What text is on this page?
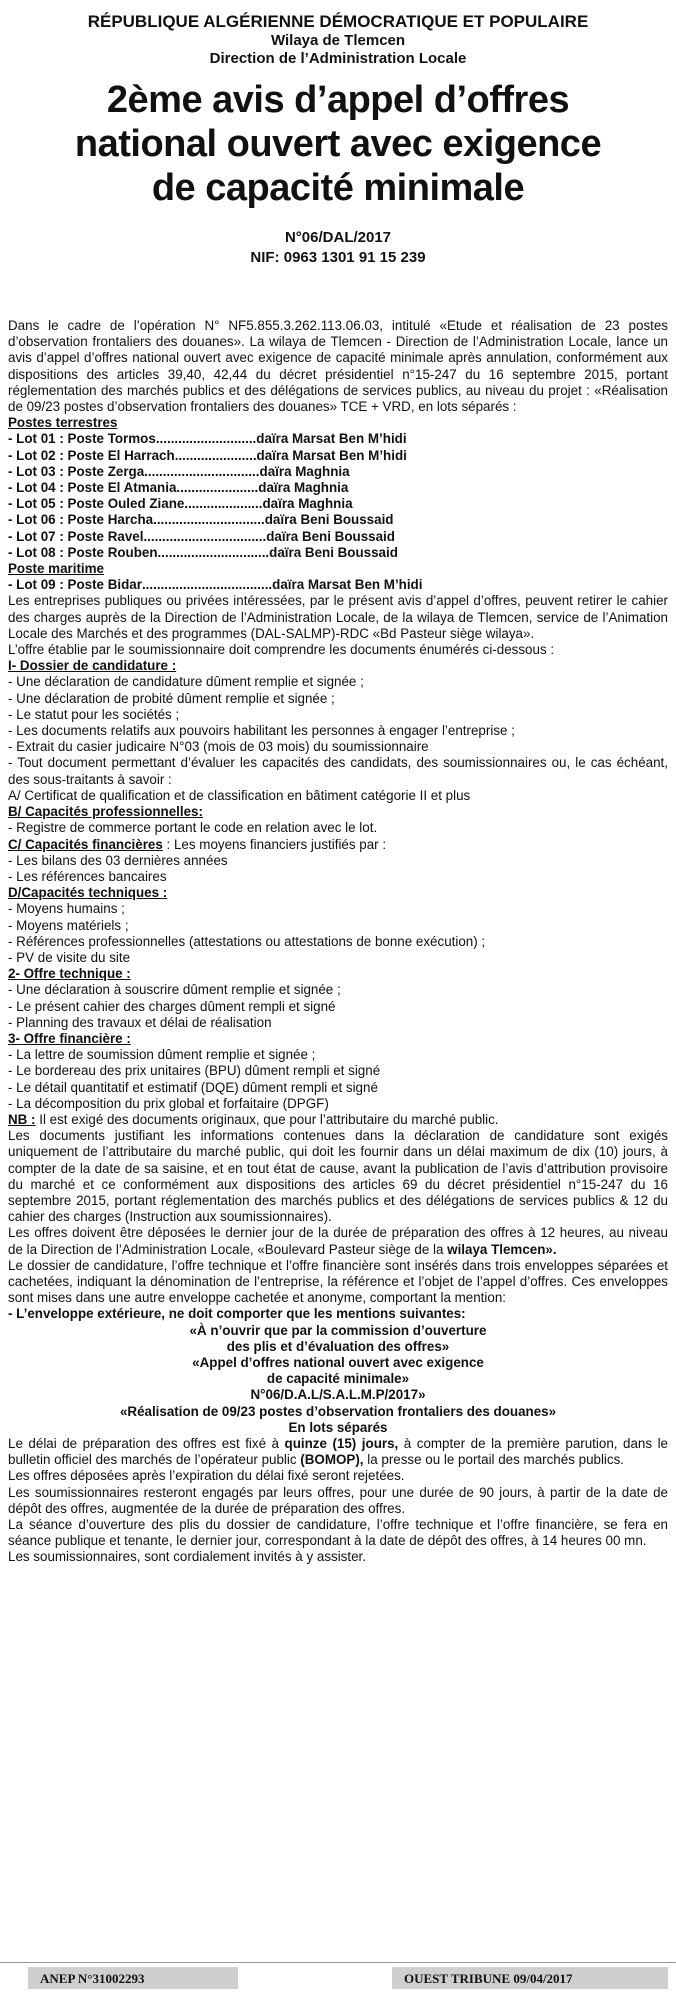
RÉPUBLIQUE ALGÉRIENNE DÉMOCRATIQUE ET POPULAIRE
Wilaya de Tlemcen
Direction de l’Administration Locale
2ème avis d’appel d’offres
national ouvert avec exigence
de capacité minimale
N°06/DAL/2017
NIF: 0963 1301 91 15 239
Dans le cadre de l’opération N° NF5.855.3.262.113.06.03, intitulé «Etude et réalisation de 23 postes d’observation frontaliers des douanes». La wilaya de Tlemcen - Direction de l’Administration Locale, lance un avis d’appel d’offres national ouvert avec exigence de capacité minimale après annulation, conformément aux dispositions des articles 39,40, 42,44 du décret présidentiel n°15-247 du 16 septembre 2015, portant réglementation des marchés publics et des délégations de services publics, au niveau du projet : «Réalisation de 09/23 postes d’observation frontaliers des douanes» TCE + VRD, en lots séparés :
Postes terrestres
- Lot 01 : Poste Tormos ........................... daïra Marsat Ben M’hidi
- Lot 02 : Poste El Harrach ...................... daïra Marsat Ben M’hidi
- Lot 03 : Poste Zerga ............................... daïra Maghnia
- Lot 04 : Poste El Atmania ...................... daïra Maghnia
- Lot 05 : Poste Ouled Ziane ..................... daïra Maghnia
- Lot 06 : Poste Harcha .............................. daïra Beni Boussaid
- Lot 07 : Poste Ravel ................................. daïra Beni Boussaid
- Lot 08 : Poste Rouben .............................. daïra Beni Boussaid
Poste maritime
- Lot 09 : Poste Bidar ................................... daïra Marsat Ben M’hidi
Les entreprises publiques ou privées intéressées, par le présent avis d’appel d’offres, peuvent retirer le cahier des charges auprès de la Direction de l’Administration Locale, de la wilaya de Tlemcen, service de l’Animation Locale des Marchés et des programmes (DAL-SALMP)-RDC «Bd Pasteur siège wilaya».
L’offre établie par le soumissionnaire doit comprendre les documents énumérés ci-dessous :
I- Dossier de candidature :
- Une déclaration de candidature dûment remplie et signée ;
- Une déclaration de probité dûment remplie et signée ;
- Le statut pour les sociétés ;
- Les documents relatifs aux pouvoirs habilitant les personnes à engager l’entreprise ;
- Extrait du casier judicaire N°03 (mois de 03 mois) du soumissionnaire
- Tout document permettant d’évaluer les capacités des candidats, des soumissionnaires ou, le cas échéant, des sous-traitants à savoir :
A/ Certificat de qualification et de classification en bâtiment catégorie II et plus
B/ Capacités professionnelles:
- Registre de commerce portant le code en relation avec le lot.
C/ Capacités financières : Les moyens financiers justifiés par :
- Les bilans des 03 dernières années
- Les références bancaires
D/Capacités techniques :
- Moyens humains ;
- Moyens matériels ;
- Références professionnelles (attestations ou attestations de bonne exécution) ;
- PV de visite du site
2- Offre technique :
- Une déclaration à souscrire dûment remplie et signée ;
- Le présent cahier des charges dûment rempli et signé
- Planning des travaux et délai de réalisation
3- Offre financière :
- La lettre de soumission dûment remplie et signée ;
- Le bordereau des prix unitaires (BPU) dûment rempli et signé
- Le détail quantitatif et estimatif (DQE) dûment rempli et signé
- La décomposition du prix global et forfaitaire (DPGF)
NB : Il est exigé des documents originaux, que pour l’attributaire du marché public.
Les documents justifiant les informations contenues dans la déclaration de candidature sont exigés uniquement de l’attributaire du marché public, qui doit les fournir dans un délai maximum de dix (10) jours, à compter de la date de sa saisine, et en tout état de cause, avant la publication de l’avis d’attribution provisoire du marché et ce conformément aux dispositions des articles 69 du décret présidentiel n°15-247 du 16 septembre 2015, portant réglementation des marchés publics et des délégations de services publics & 12 du cahier des charges (Instruction aux soumissionnaires).
Les offres doivent être déposées le dernier jour de la durée de préparation des offres à 12 heures, au niveau de la Direction de l’Administration Locale, «Boulevard Pasteur siège de la wilaya Tlemcen».
Le dossier de candidature, l’offre technique et l’offre financière sont insérés dans trois enveloppes séparées et cachetées, indiquant la dénomination de l’entreprise, la référence et l’objet de l’appel d’offres. Ces enveloppes sont mises dans une autre enveloppe cachetée et anonyme, comportant la mention:
- L’enveloppe extérieure, ne doit comporter que les mentions suivantes:
«À n’ouvrir que par la commission d’ouverture
des plis et d’évaluation des offres»
«Appel d’offres national ouvert avec exigence
de capacité minimale»
N°06/D.A.L/S.A.L.M.P/2017»
«Réalisation de 09/23 postes d’observation frontaliers des douanes»
En lots séparés
Le délai de préparation des offres est fixé à quinze (15) jours, à compter de la première parution, dans le bulletin officiel des marchés de l’opérateur public (BOMOP), la presse ou le portail des marchés publics.
Les offres déposées après l’expiration du délai fixé seront rejetées.
Les soumissionnaires resteront engagés par leurs offres, pour une durée de 90 jours, à partir de la date de dépôt des offres, augmentée de la durée de préparation des offres.
La séance d’ouverture des plis du dossier de candidature, l’offre technique et l’offre financière, se fera en séance publique et tenante, le dernier jour, correspondant à la date de dépôt des offres, à 14 heures 00 mn.
Les soumissionnaires, sont cordialement invités à y assister.
ANEP N°31002293	OUEST TRIBUNE 09/04/2017
